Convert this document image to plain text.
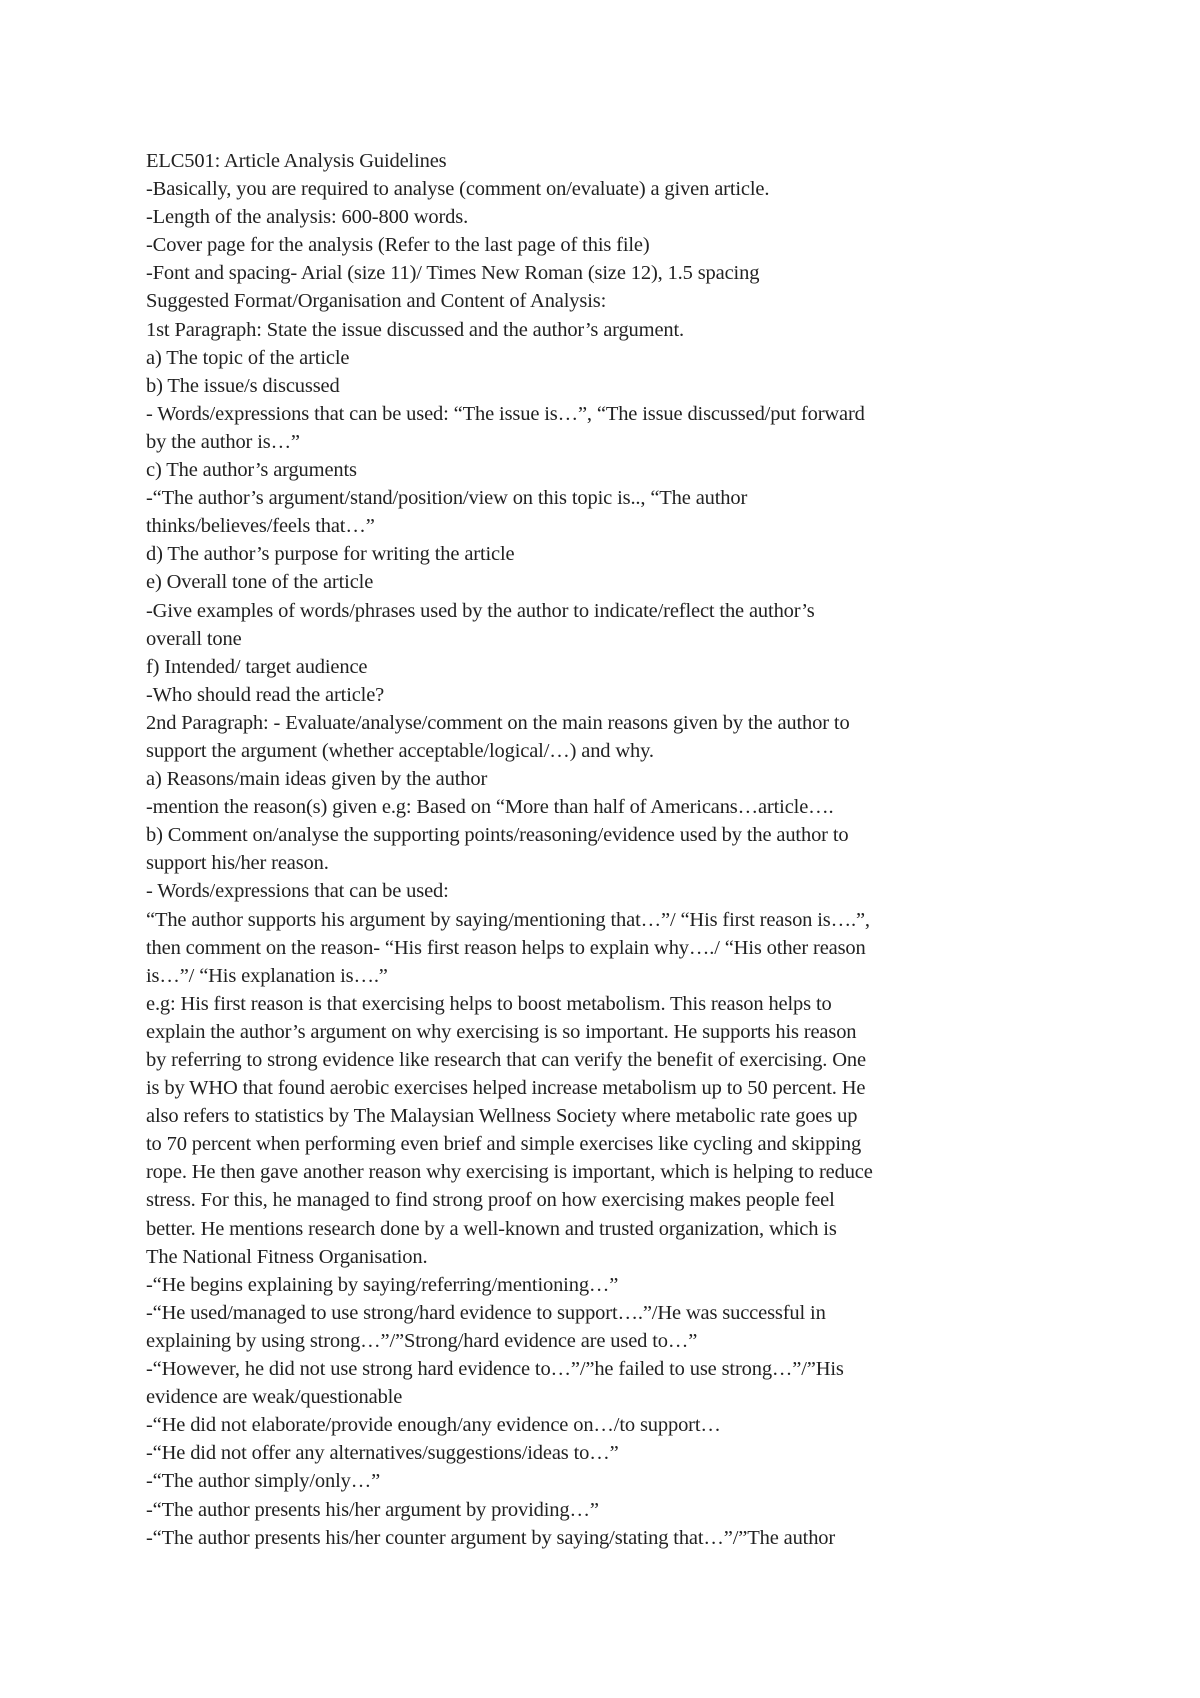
ELC501: Article Analysis Guidelines
-Basically, you are required to analyse (comment on/evaluate) a given article.
-Length of the analysis: 600-800 words.
-Cover page for the analysis (Refer to the last page of this file)
-Font and spacing- Arial (size 11)/ Times New Roman (size 12), 1.5 spacing
Suggested Format/Organisation and Content of Analysis:
1st Paragraph: State the issue discussed and the author’s argument.
a) The topic of the article
b) The issue/s discussed
- Words/expressions that can be used: “The issue is…”, “The issue discussed/put forward
by the author is…”
c) The author’s arguments
-“The author’s argument/stand/position/view on this topic is.., “The author
thinks/believes/feels that…”
d) The author’s purpose for writing the article
e) Overall tone of the article
-Give examples of words/phrases used by the author to indicate/reflect the author’s
overall tone
f) Intended/ target audience
-Who should read the article?
2nd Paragraph: - Evaluate/analyse/comment on the main reasons given by the author to
support the argument (whether acceptable/logical/…) and why.
a) Reasons/main ideas given by the author
-mention the reason(s) given e.g: Based on “More than half of Americans…article….
b) Comment on/analyse the supporting points/reasoning/evidence used by the author to
support his/her reason.
- Words/expressions that can be used:
“The author supports his argument by saying/mentioning that…”/ “His first reason is….”,
then comment on the reason- “His first reason helps to explain why…./ “His other reason
is…”/ “His explanation is….”
e.g: His first reason is that exercising helps to boost metabolism. This reason helps to
explain the author’s argument on why exercising is so important. He supports his reason
by referring to strong evidence like research that can verify the benefit of exercising. One
is by WHO that found aerobic exercises helped increase metabolism up to 50 percent. He
also refers to statistics by The Malaysian Wellness Society where metabolic rate goes up
to 70 percent when performing even brief and simple exercises like cycling and skipping
rope. He then gave another reason why exercising is important, which is helping to reduce
stress. For this, he managed to find strong proof on how exercising makes people feel
better. He mentions research done by a well-known and trusted organization, which is
The National Fitness Organisation.
-“He begins explaining by saying/referring/mentioning…”
-“He used/managed to use strong/hard evidence to support….”/He was successful in
explaining by using strong…”/”Strong/hard evidence are used to…”
-“However, he did not use strong hard evidence to…”/”he failed to use strong…”/”His
evidence are weak/questionable
-“He did not elaborate/provide enough/any evidence on…/to support…
-“He did not offer any alternatives/suggestions/ideas to…”
-“The author simply/only…”
-“The author presents his/her argument by providing…”
-“The author presents his/her counter argument by saying/stating that…”/”The author
